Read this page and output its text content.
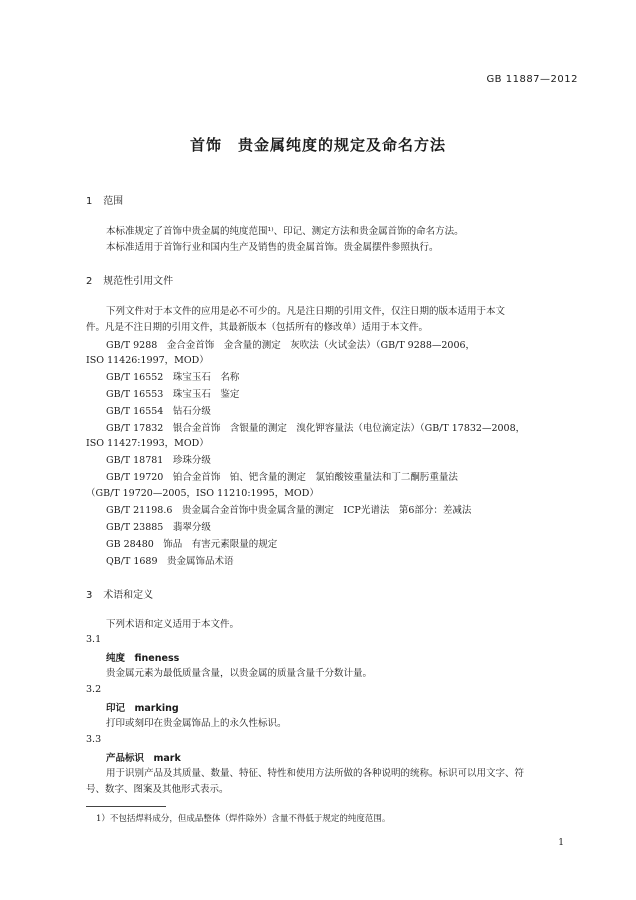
GB 11887—2012
首饰　贵金属纯度的规定及命名方法
1 范围
本标准规定了首饰中贵金属的纯度范围¹⁾、印记、测定方法和贵金属首饰的命名方法。
本标准适用于首饰行业和国内生产及销售的贵金属首饰。贵金属摆件参照执行。
2 规范性引用文件
下列文件对于本文件的应用是必不可少的。凡是注日期的引用文件，仅注日期的版本适用于本文
件。凡是不注日期的引用文件，其最新版本（包括所有的修改单）适用于本文件。
GB/T 9288　金合金首饰　金含量的测定　灰吹法（火试金法）（GB/T 9288—2006，
ISO 11426:1997，MOD）
GB/T 16552　珠宝玉石　名称
GB/T 16553　珠宝玉石　鉴定
GB/T 16554　钻石分级
GB/T 17832　银合金首饰　含银量的测定　溴化钾容量法（电位滴定法）（GB/T 17832—2008，
ISO 11427:1993，MOD）
GB/T 18781　珍珠分级
GB/T 19720　铂合金首饰　铂、钯含量的测定　氯铂酸铵重量法和丁二酮肟重量法
（GB/T 19720—2005，ISO 11210:1995，MOD）
GB/T 21198.6　贵金属合金首饰中贵金属含量的测定　ICP光谱法　第6部分：差减法
GB/T 23885　翡翠分级
GB 28480　饰品　有害元素限量的规定
QB/T 1689　贵金属饰品术语
3 术语和定义
下列术语和定义适用于本文件。
3.1
纯度　fineness
贵金属元素为最低质量含量，以贵金属的质量含量千分数计量。
3.2
印记　marking
打印或刻印在贵金属饰品上的永久性标识。
3.3
产品标识　mark
用于识别产品及其质量、数量、特征、特性和使用方法所做的各种说明的统称。标识可以用文字、符
号、数字、图案及其他形式表示。
1）不包括焊料成分，但成品整体（焊件除外）含量不得低于规定的纯度范围。
1
